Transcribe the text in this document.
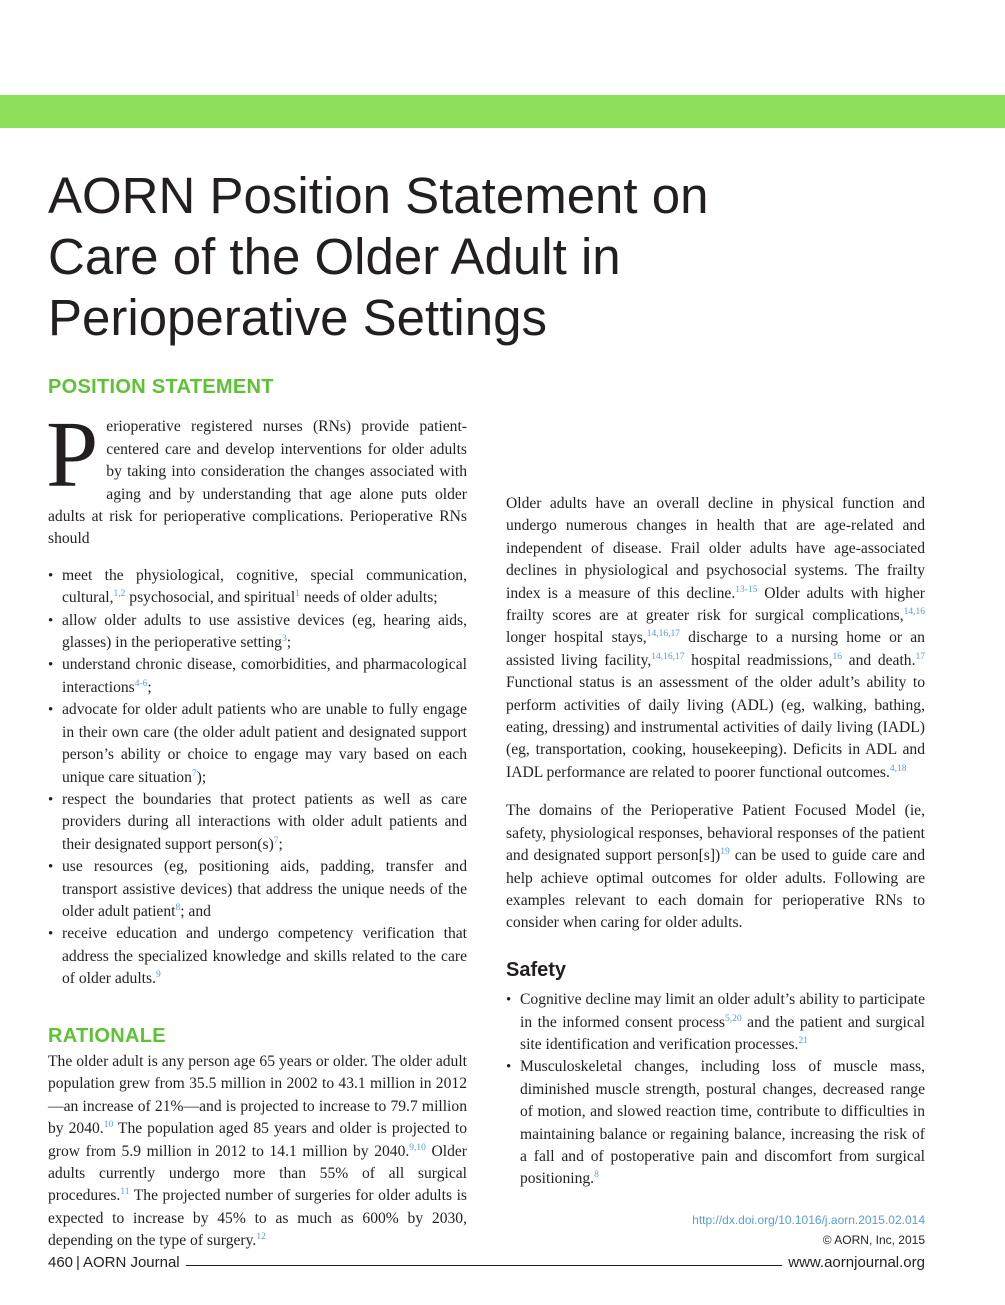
AORN Position Statement on
Care of the Older Adult in
Perioperative Settings
POSITION STATEMENT

Perioperative registered nurses (RNs) provide patient-centered care and develop interventions for older adults by taking into consideration the changes associated with aging and by understanding that age alone puts older adults at risk for perioperative complications. Perioperative RNs should

• meet the physiological, cognitive, special communication, cultural,$^{1,2}$ psychosocial, and spiritual$^1$ needs of older adults;
• allow older adults to use assistive devices (eg, hearing aids, glasses) in the perioperative setting$^3$;
• understand chronic disease, comorbidities, and pharmacological interactions$^{4-6}$;
• advocate for older adult patients who are unable to fully engage in their own care (the older adult patient and designated support person’s ability or choice to engage may vary based on each unique care situation$^7$);
• respect the boundaries that protect patients as well as care providers during all interactions with older adult patients and their designated support $person(s)^7$;
• use resources (eg, positioning aids, padding, transfer and transport assistive devices) that address the unique needs of the older adult patient$^8$; and
• receive education and undergo competency verification that address the specialized knowledge and skills related to the care of older adults.$^9$
RATIONALE

The older adult is any person age 65 years or older. The older adult population grew from 35.5 million in 2002 to 43.1 million in 2012—an increase of 21%—and is projected to increase to 79.7 million by 2040.10 The population aged 85 years and older is projected to grow from 5.9 million in 2012 to 14.1 million by 2040.$^{9,10}$ Older adults currently undergo more than 55% of all surgical procedures.$^{11}$ The projected number of surgeries for older adults is expected to increase by 45% to as much as 600% by 2030, depending on the type of surgery.$^{12}$

Older adults have an overall decline in physical function and undergo numerous changes in health that are age-related and independent of disease. Frail older adults have age-associated declines in physiological and psychosocial systems. The frailty index is a measure of this decline.$^{13-15}$ Older adults with higher frailty scores are at greater risk for surgical complications,$^{14,16}$ longer hospital stays,$^{14,16,17}$ discharge to a nursing home or an assisted living facility,$^{14,16,17}$ hospital readmissions,$^{16}$ and death.$^{17}$ Functional status is an assessment of the older adult’s ability to perform activities of daily living (ADL) (eg, walking, bathing, eating, dressing) and instrumental activities of daily living (IADL) (eg, transportation, cooking, housekeeping). Deficits in ADL and IADL performance are related to poorer functional outcomes.$^{4,18}$

The domains of the Perioperative Patient Focused Model (ie, safety, physiological responses, behavioral responses of the patient and designated support person[s])$^{19}$ can be used to guide care and help achieve optimal outcomes for older adults. Following are examples relevant to each domain for perioperative RNs to consider when caring for older adults.

Safety
• Cognitive decline may limit an older adult’s ability to participate in the informed consent process$^{5,20}$ and the patient and surgical site identification and verification processes.$^{21}$
• Musculoskeletal changes, including loss of muscle mass, diminished muscle strength, postural changes, decreased range of motion, and slowed reaction time, contribute to difficulties in maintaining balance or regaining balance, increasing the risk of a fall and of postoperative pain and discomfort from surgical positioning.$^8$
http://dx.doi.org/10.1016/j.aorn.2015.02.014
© AORN, Inc, 2015
460 | AORN Journal	www.aornjournal.org
